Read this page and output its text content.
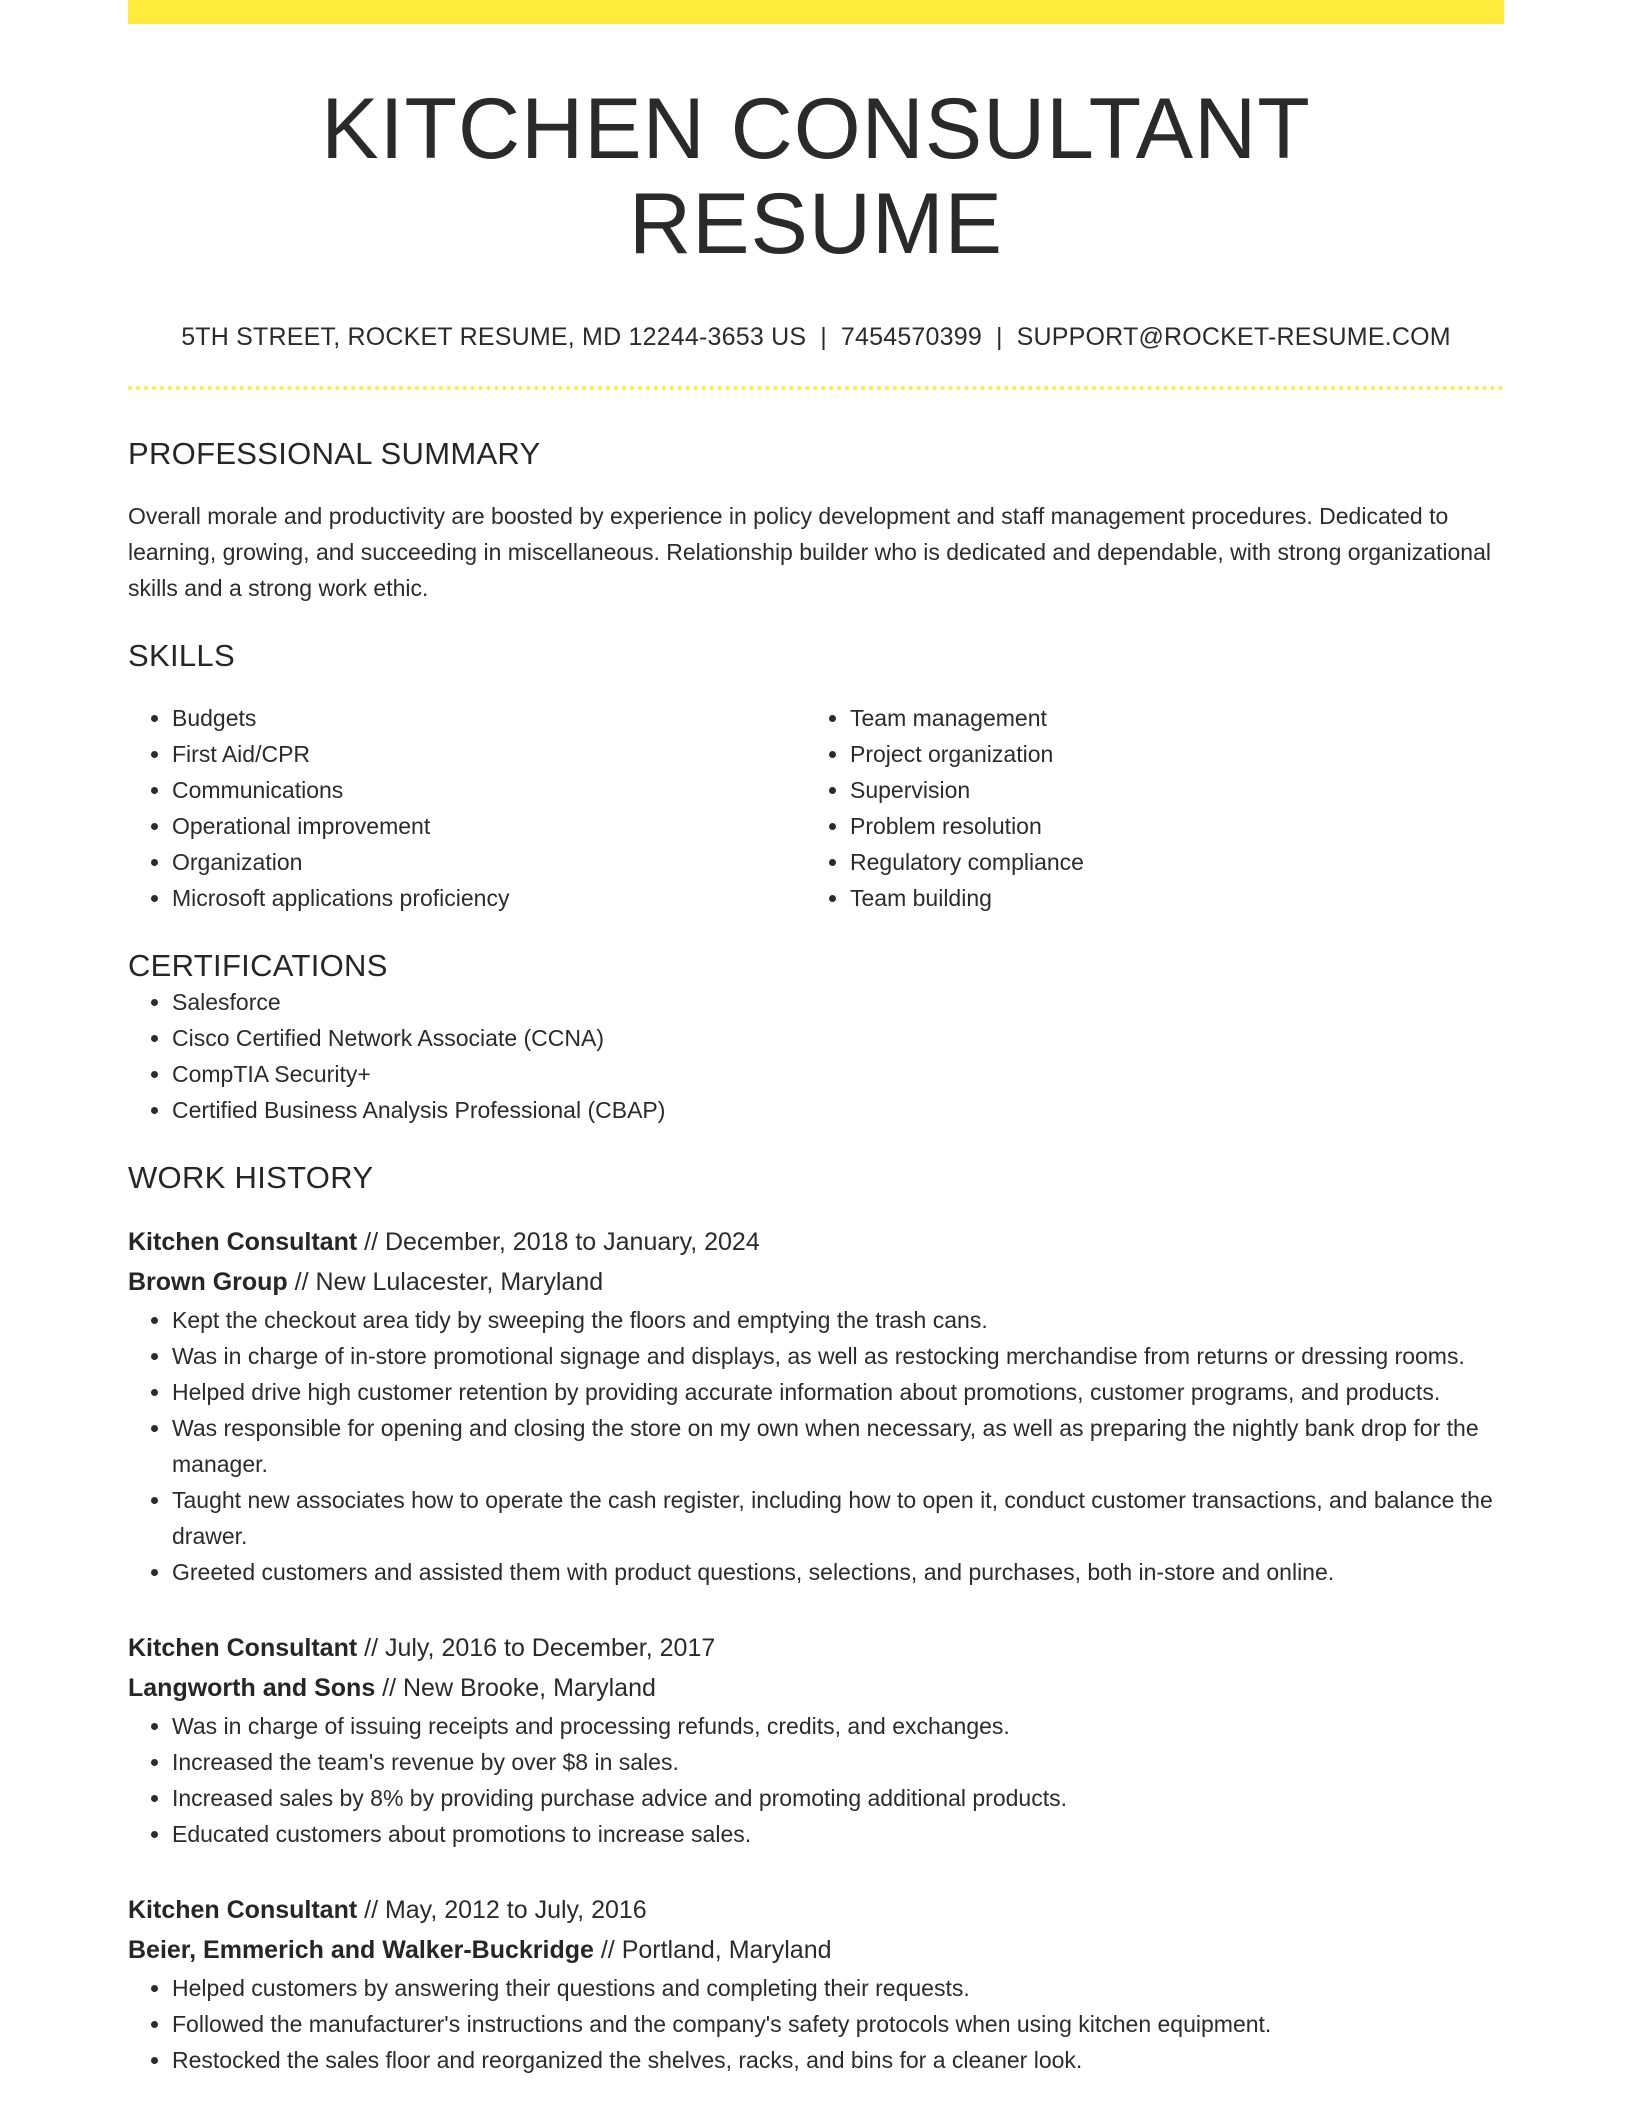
KITCHEN CONSULTANT RESUME
5TH STREET, ROCKET RESUME, MD 12244-3653 US | 7454570399 | SUPPORT@ROCKET-RESUME.COM
PROFESSIONAL SUMMARY
Overall morale and productivity are boosted by experience in policy development and staff management procedures. Dedicated to learning, growing, and succeeding in miscellaneous. Relationship builder who is dedicated and dependable, with strong organizational skills and a strong work ethic.
SKILLS
• Budgets
• First Aid/CPR
• Communications
• Operational improvement
• Organization
• Microsoft applications proficiency
• Team management
• Project organization
• Supervision
• Problem resolution
• Regulatory compliance
• Team building
CERTIFICATIONS
• Salesforce
• Cisco Certified Network Associate (CCNA)
• CompTIA Security+
• Certified Business Analysis Professional (CBAP)
WORK HISTORY
Kitchen Consultant // December, 2018 to January, 2024
Brown Group // New Lulacester, Maryland
• Kept the checkout area tidy by sweeping the floors and emptying the trash cans.
• Was in charge of in-store promotional signage and displays, as well as restocking merchandise from returns or dressing rooms.
• Helped drive high customer retention by providing accurate information about promotions, customer programs, and products.
• Was responsible for opening and closing the store on my own when necessary, as well as preparing the nightly bank drop for the manager.
• Taught new associates how to operate the cash register, including how to open it, conduct customer transactions, and balance the drawer.
• Greeted customers and assisted them with product questions, selections, and purchases, both in-store and online.
Kitchen Consultant // July, 2016 to December, 2017
Langworth and Sons // New Brooke, Maryland
• Was in charge of issuing receipts and processing refunds, credits, and exchanges.
• Increased the team's revenue by over $8 in sales.
• Increased sales by 8% by providing purchase advice and promoting additional products.
• Educated customers about promotions to increase sales.
Kitchen Consultant // May, 2012 to July, 2016
Beier, Emmerich and Walker-Buckridge // Portland, Maryland
• Helped customers by answering their questions and completing their requests.
• Followed the manufacturer's instructions and the company's safety protocols when using kitchen equipment.
• Restocked the sales floor and reorganized the shelves, racks, and bins for a cleaner look.
